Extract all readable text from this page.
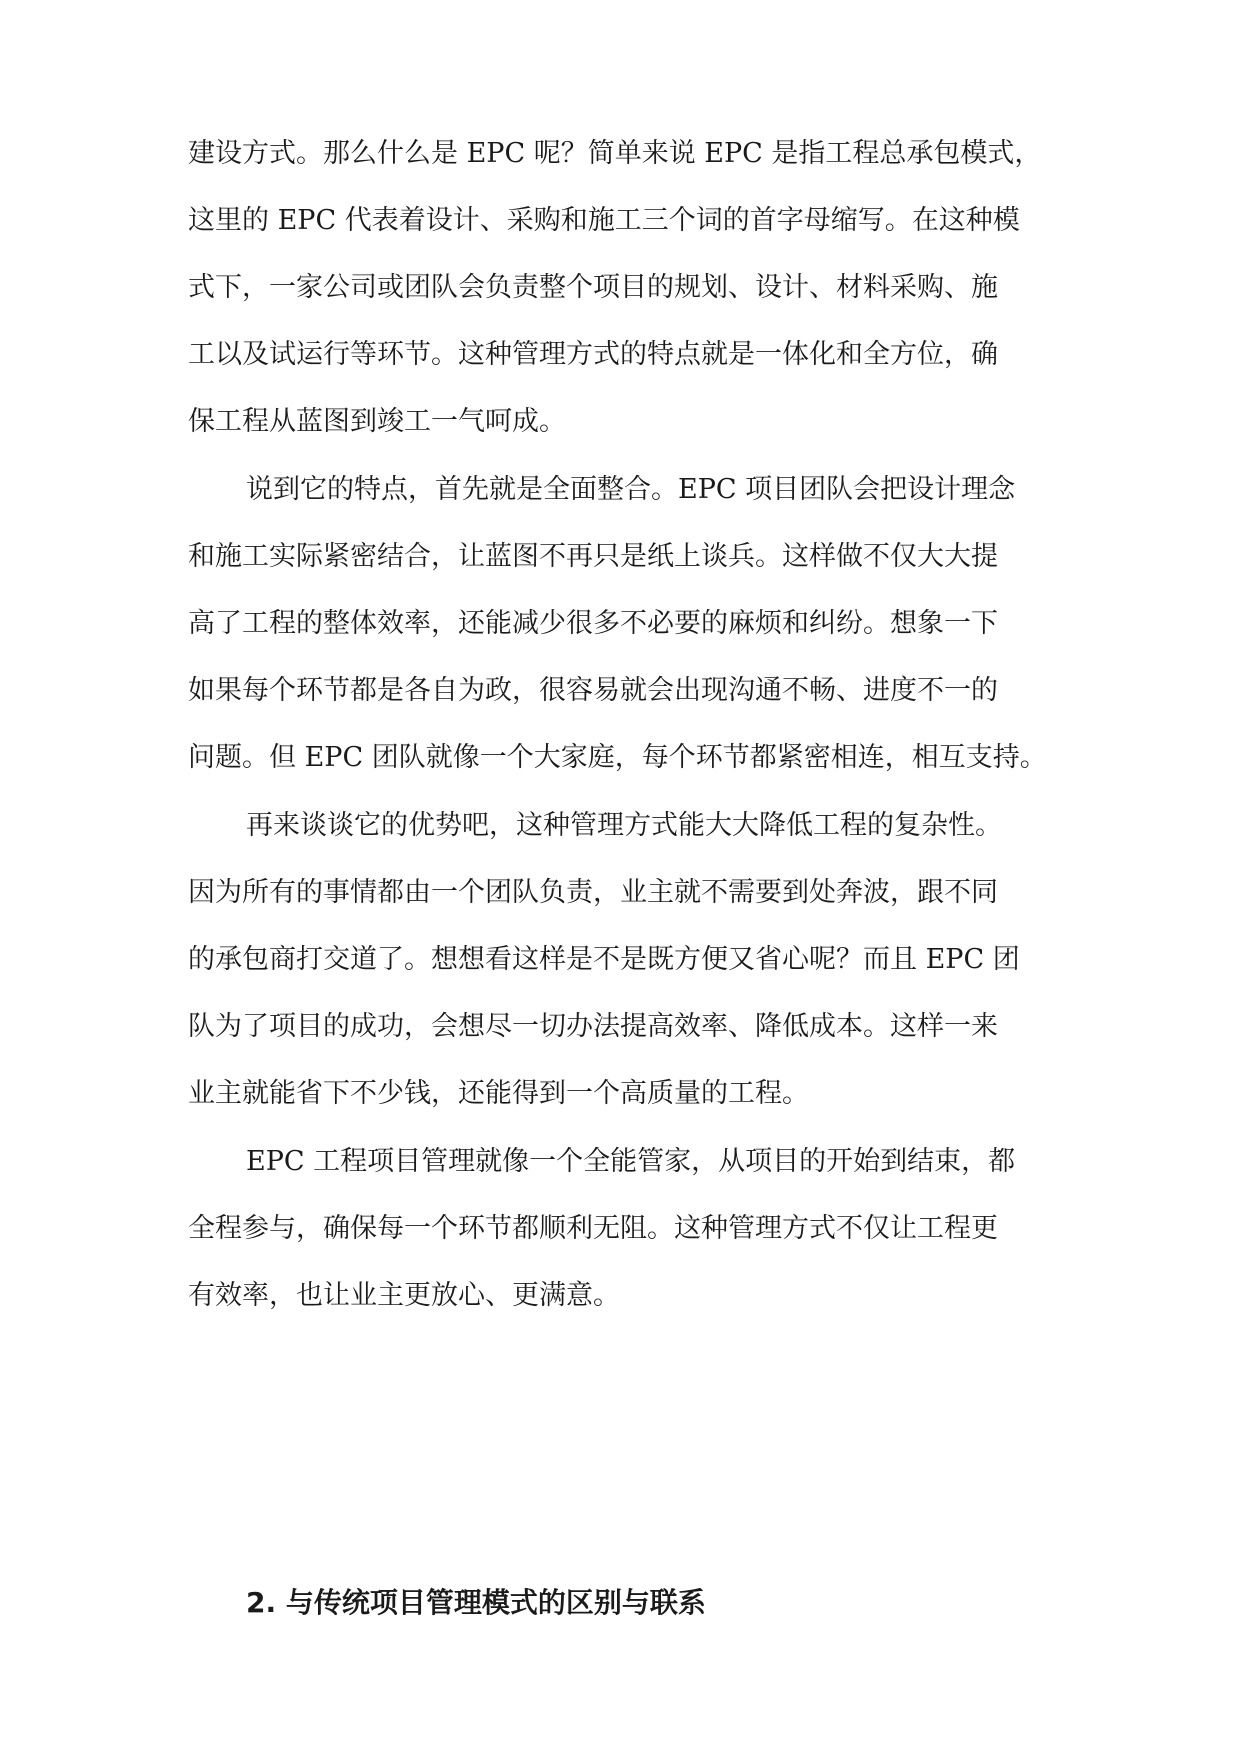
建设方式。那么什么是 EPC 呢？简单来说 EPC 是指工程总承包模式，
这里的 EPC 代表着设计、采购和施工三个词的首字母缩写。在这种模
式下，一家公司或团队会负责整个项目的规划、设计、材料采购、施
工以及试运行等环节。这种管理方式的特点就是一体化和全方位，确
保工程从蓝图到竣工一气呵成。
说到它的特点，首先就是全面整合。EPC 项目团队会把设计理念
和施工实际紧密结合，让蓝图不再只是纸上谈兵。这样做不仅大大提
高了工程的整体效率，还能减少很多不必要的麻烦和纠纷。想象一下
如果每个环节都是各自为政，很容易就会出现沟通不畅、进度不一的
问题。但 EPC 团队就像一个大家庭，每个环节都紧密相连，相互支持。
再来谈谈它的优势吧，这种管理方式能大大降低工程的复杂性。
因为所有的事情都由一个团队负责，业主就不需要到处奔波，跟不同
的承包商打交道了。想想看这样是不是既方便又省心呢？而且 EPC 团
队为了项目的成功，会想尽一切办法提高效率、降低成本。这样一来
业主就能省下不少钱，还能得到一个高质量的工程。
EPC 工程项目管理就像一个全能管家，从项目的开始到结束，都
全程参与，确保每一个环节都顺利无阻。这种管理方式不仅让工程更
有效率，也让业主更放心、更满意。
2. 与传统项目管理模式的区别与联系
